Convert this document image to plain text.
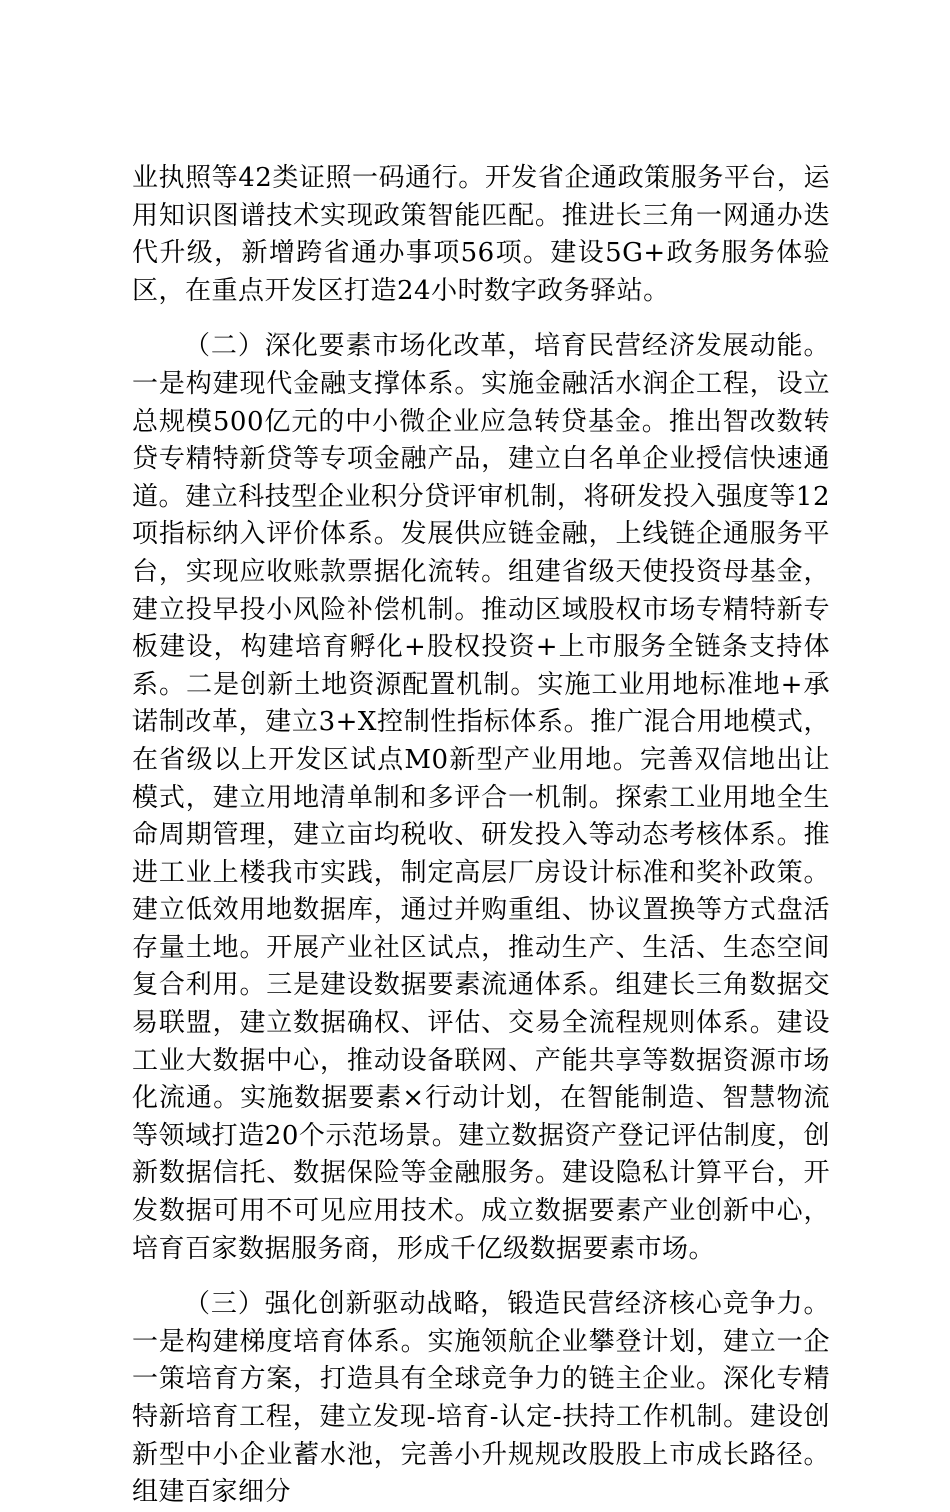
业执照等42类证照一码通行。开发省企通政策服务平台，运用知识图谱技术实现政策智能匹配。推进长三角一网通办迭代升级，新增跨省通办事项56项。建设5G+政务服务体验区，在重点开发区打造24小时数字政务驿站。

（二）深化要素市场化改革，培育民营经济发展动能。一是构建现代金融支撑体系。实施金融活水润企工程，设立总规模500亿元的中小微企业应急转贷基金。推出智改数转贷专精特新贷等专项金融产品，建立白名单企业授信快速通道。建立科技型企业积分贷评审机制，将研发投入强度等12项指标纳入评价体系。发展供应链金融，上线链企通服务平台，实现应收账款票据化流转。组建省级天使投资母基金，建立投早投小风险补偿机制。推动区域股权市场专精特新专板建设，构建培育孵化+股权投资+上市服务全链条支持体系。二是创新土地资源配置机制。实施工业用地标准地+承诺制改革，建立3+X控制性指标体系。推广混合用地模式，在省级以上开发区试点M0新型产业用地。完善双信地出让模式，建立用地清单制和多评合一机制。探索工业用地全生命周期管理，建立亩均税收、研发投入等动态考核体系。推进工业上楼我市实践，制定高层厂房设计标准和奖补政策。建立低效用地数据库，通过并购重组、协议置换等方式盘活存量土地。开展产业社区试点，推动生产、生活、生态空间复合利用。三是建设数据要素流通体系。组建长三角数据交易联盟，建立数据确权、评估、交易全流程规则体系。建设工业大数据中心，推动设备联网、产能共享等数据资源市场化流通。实施数据要素×行动计划，在智能制造、智慧物流等领域打造20个示范场景。建立数据资产登记评估制度，创新数据信托、数据保险等金融服务。建设隐私计算平台，开发数据可用不可见应用技术。成立数据要素产业创新中心，培育百家数据服务商，形成千亿级数据要素市场。

（三）强化创新驱动战略，锻造民营经济核心竞争力。一是构建梯度培育体系。实施领航企业攀登计划，建立一企一策培育方案，打造具有全球竞争力的链主企业。深化专精特新培育工程，建立发现-培育-认定-扶持工作机制。建设创新型中小企业蓄水池，完善小升规规改股股上市成长路径。组建百家细分
